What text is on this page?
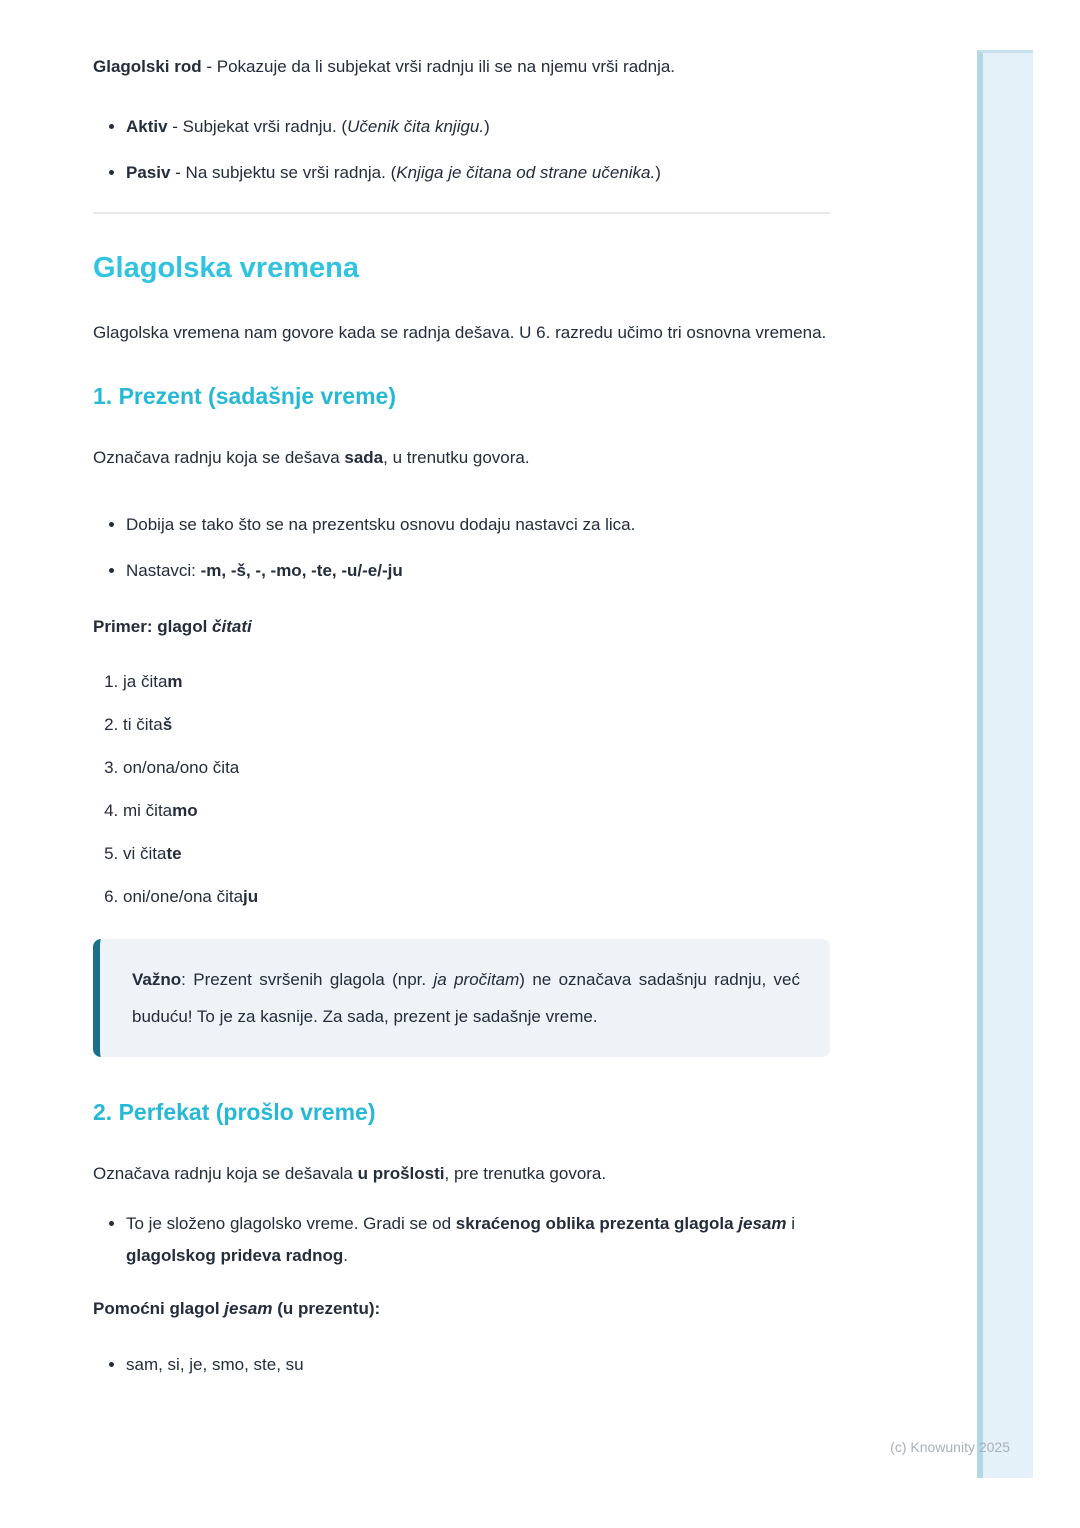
Glagolski rod - Pokazuje da li subjekat vrši radnju ili se na njemu vrši radnja.

• Aktiv - Subjekat vrši radnju. (Učenik čita knjigu.)
• Pasiv - Na subjektu se vrši radnja. (Knjiga je čitana od strane učenika.)
Glagolska vremena

Glagolska vremena nam govore kada se radnja dešava. U 6. razredu učimo tri osnovna vremena.

1. Prezent (sadašnje vreme)

Označava radnju koja se dešava sada, u trenutku govora.

• Dobija se tako što se na prezentsku osnovu dodaju nastavci za lica.
• Nastavci: -m, -š, -, -mo, -te, -u/-e/-ju

Primer: glagol čitati

1. ja čitam
2. ti čitaš
3. on/ona/ono čita
4. mi čitamo
5. vi čitate
6. oni/one/ona čitaju

Važno: Prezent svršenih glagola (npr. ja pročitam) ne označava sadašnju radnju, već buduću! To je za kasnije. Za sada, prezent je sadašnje vreme.

2. Perfekat (prošlo vreme)

Označava radnju koja se dešavala u prošlosti, pre trenutka govora.

• To je složeno glagolsko vreme. Gradi se od skraćenog oblika prezenta glagola jesam i glagolskog prideva radnog.

Pomoćni glagol jesam (u prezentu):

• sam, si, je, smo, ste, su
(c) Knowunity 2025
